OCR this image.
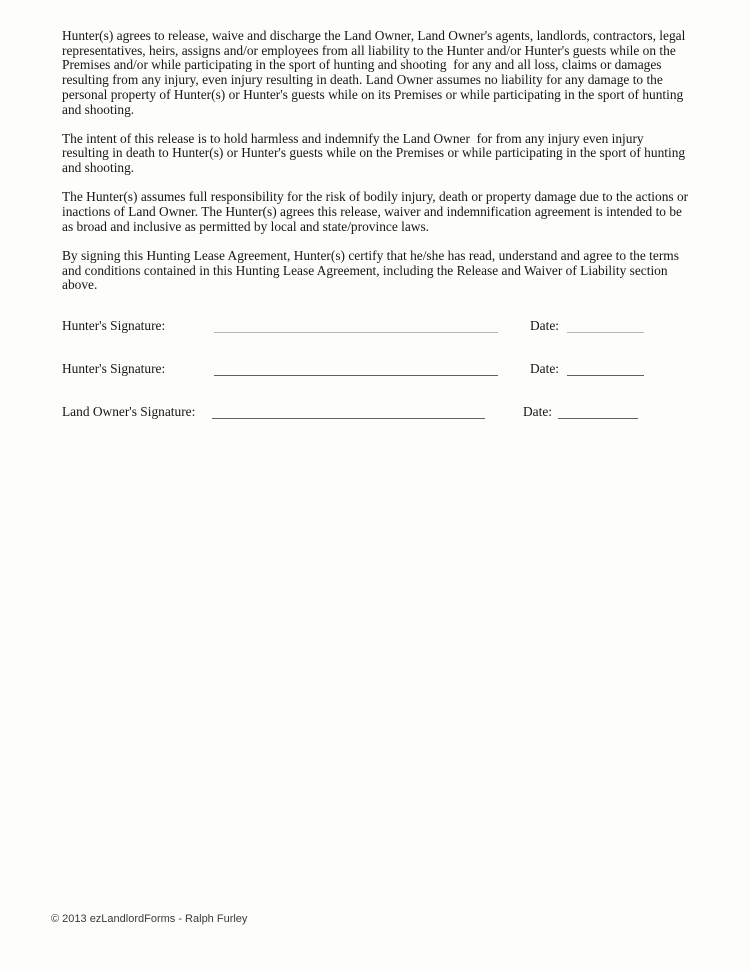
Hunter(s) agrees to release, waive and discharge the Land Owner, Land Owner's agents, landlords, contractors, legal representatives, heirs, assigns and/or employees from all liability to the Hunter and/or Hunter's guests while on the Premises and/or while participating in the sport of hunting and shooting  for any and all loss, claims or damages resulting from any injury, even injury resulting in death. Land Owner assumes no liability for any damage to the personal property of Hunter(s) or Hunter's guests while on its Premises or while participating in the sport of hunting and shooting.

The intent of this release is to hold harmless and indemnify the Land Owner  for from any injury even injury resulting in death to Hunter(s) or Hunter's guests while on the Premises or while participating in the sport of hunting and shooting.

The Hunter(s) assumes full responsibility for the risk of bodily injury, death or property damage due to the actions or inactions of Land Owner. The Hunter(s) agrees this release, waiver and indemnification agreement is intended to be as broad and inclusive as permitted by local and state/province laws.

By signing this Hunting Lease Agreement, Hunter(s) certify that he/she has read, understand and agree to the terms and conditions contained in this Hunting Lease Agreement, including the Release and Waiver of Liability section above.

Hunter's Signature:	Date:
Hunter's Signature:	Date:
Land Owner's Signature:	Date:
© 2013 ezLandlordForms - Ralph Furley
